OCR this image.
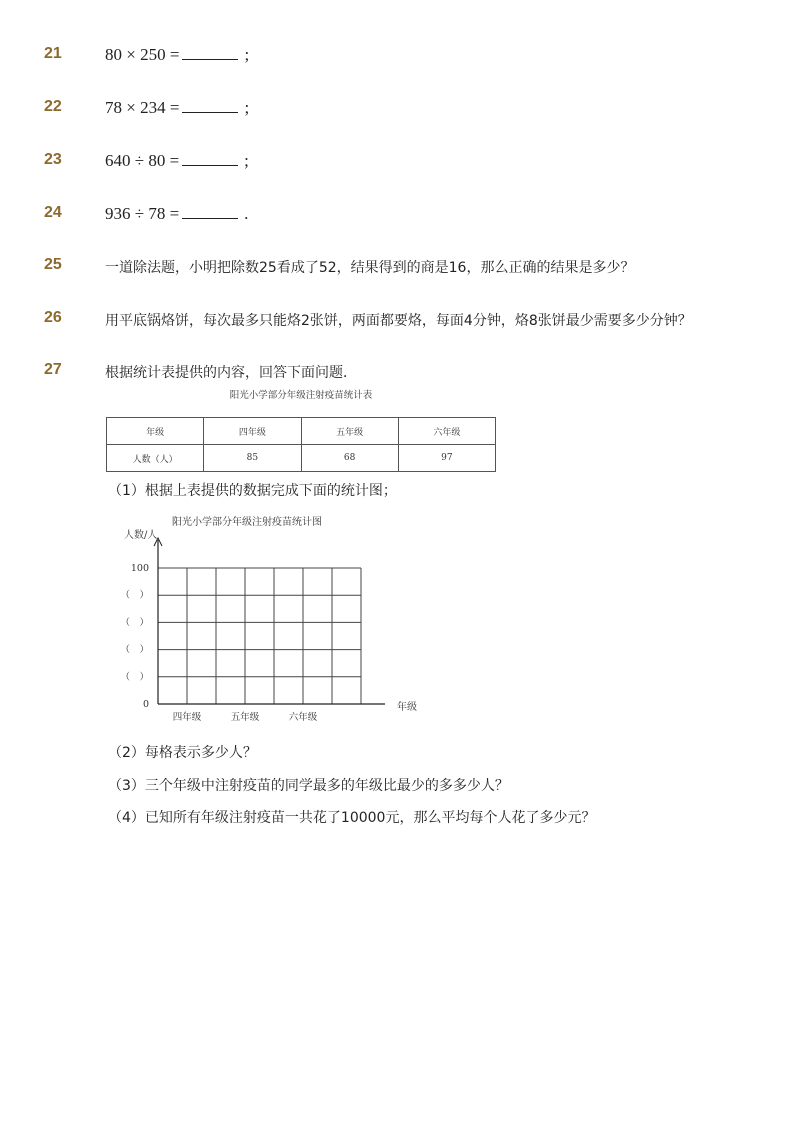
21
22
23
24
25
26
27
80 × 250 =	;
78 × 234 =	;
640 ÷ 80 =	;
936 ÷ 78 =	.
一道除法题，小明把除数25看成了52，结果得到的商是16，那么正确的结果是多少？
用平底锅烙饼，每次最多只能烙2张饼，两面都要烙，每面4分钟，烙8张饼最少需要多少分钟？
根据统计表提供的内容，回答下面问题．
阳光小学部分年级注射疫苗统计表
年级	四年级	五年级	六年级
人数（人）	85	68	97
（1）根据上表提供的数据完成下面的统计图；
阳光小学部分年级注射疫苗统计图
人数/人
年级
0
（　）
（　）
（　）
（　）
100
四年级	五年级	六年级
（2）每格表示多少人？
（3）三个年级中注射疫苗的同学最多的年级比最少的多多少人？
（4）已知所有年级注射疫苗一共花了10000元，那么平均每个人花了多少元？
